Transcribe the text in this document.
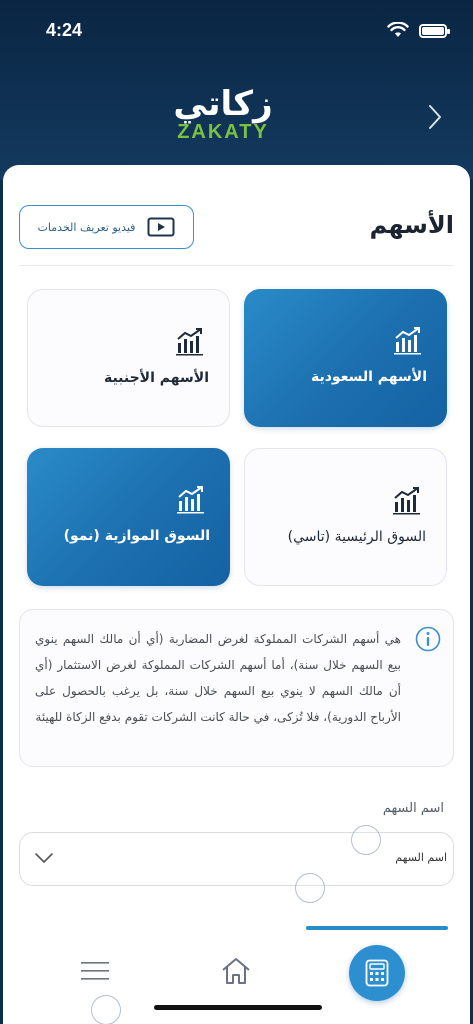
4:24
زكاتي
ZAKATY
الأسهم
فيديو تعريف الخدمات
الأسهم السعودية
الأسهم الأجنبية
السوق الرئيسية (تاسي)
السوق الموازية (نمو)
هي أسهم الشركات المملوكة لغرض المضاربة (أي أن مالك السهم ينوي بيع السهم خلال سنة)، أما أسهم الشركات المملوكة لغرض الاستثمار (أي أن مالك السهم لا ينوي بيع السهم خلال سنة، بل يرغب بالحصول على الأرباح الدورية)، فلا تُزكى، في حالة كانت الشركات تقوم بدفع الزكاة للهيئة
اسم السهم
اسم السهم
